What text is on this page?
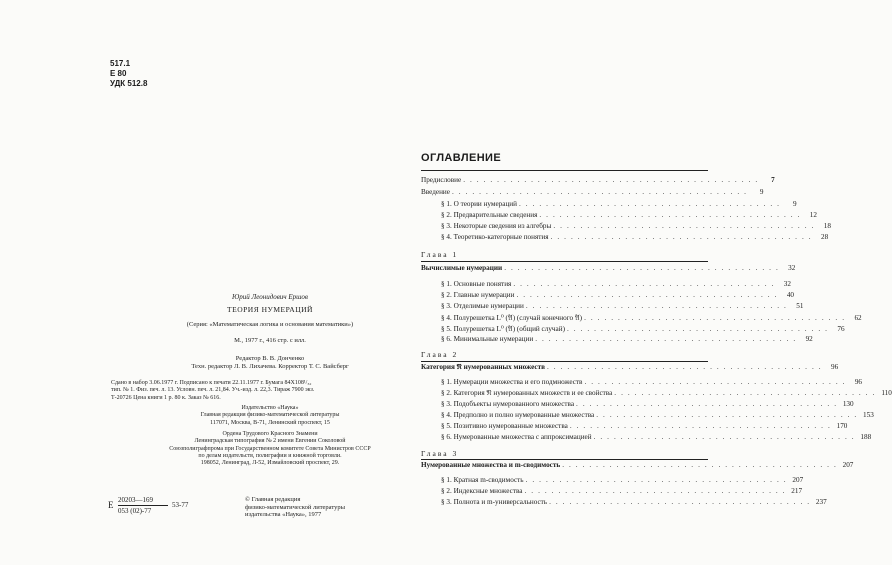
517.1
Е 80
УДК 512.8
Юрий Леонидович Ершов
ТЕОРИЯ НУМЕРАЦИЙ
(Серия: «Математическая логика и основания математики»)
М., 1977 г., 416 стр. с илл.
Редактор В. В. Донченко
Техн. редактор Л. В. Лихачева. Корректор Т. С. Вайсберг
Сдано в набор 3.06.1977 г. Подписано к печати 22.11.1977 г. Бумага 84X108¹/₃₂
тип. № 1. Физ. печ. л. 13. Условн. печ. л. 21,84. Уч.-изд. л. 22,3. Тираж 7900 экз.
Т-20726 Цена книги 1 р. 80 к. Заказ № 616.
Издательство «Наука»
Главная редакция физико-математической литературы
117071, Москва, В-71, Ленинский проспект, 15
Ордена Трудового Красного Знамени
Ленинградская типография № 2 имени Евгении Соколовой
Союзполиграфпрома при Государственном комитете Совета Министров СССР
по делам издательств, полиграфии и книжной торговли.
198052, Ленинград, Л-52, Измайловский проспект, 29.
Е 20203—169
053 (02)-77
53-77
© Главная редакция
физико-математической литературы
издательства «Наука», 1977
ОГЛАВЛЕНИЕ
Предисловие . . . . . . . . . . . . . . . . . . . . . . . . . . . . . . . . . . . . . . . . . . . .	7
Введение . . . . . . . . . . . . . . . . . . . . . . . . . . . . . . . . . . . . . . . . . . . .	9
§ 1. О теории нумераций . . . . . . . . . . . . . . . . . . . . . . . . . . . . . . . . . . . . . . .	9
§ 2. Предварительные сведения . . . . . . . . . . . . . . . . . . . . . . . . . . . . . . . . . . . . . . .	12
§ 3. Некоторые сведения из алгебры . . . . . . . . . . . . . . . . . . . . . . . . . . . . . . . . . . . . . . .	18
§ 4. Теоретико-категорные понятия . . . . . . . . . . . . . . . . . . . . . . . . . . . . . . . . . . . . . . .	28
Глава 1
Вычислимые нумерации . . . . . . . . . . . . . . . . . . . . . . . . . . . . . . . . . . . . . . . . .	32
§ 1. Основные понятия . . . . . . . . . . . . . . . . . . . . . . . . . . . . . . . . . . . . . . .	32
§ 2. Главные нумерации . . . . . . . . . . . . . . . . . . . . . . . . . . . . . . . . . . . . . . .	40
§ 3. Отделимые нумерации . . . . . . . . . . . . . . . . . . . . . . . . . . . . . . . . . . . . . . .	51
§ 4. Полурешетка L⁰ (𝔄) (случай конечного 𝔄) . . . . . . . . . . . . . . . . . . . . . . . . . . . . . . . . . . . . . . .	62
§ 5. Полурешетка L⁰ (𝔄) (общий случай) . . . . . . . . . . . . . . . . . . . . . . . . . . . . . . . . . . . . . . .	76
§ 6. Минимальные нумерации . . . . . . . . . . . . . . . . . . . . . . . . . . . . . . . . . . . . . . .	92
Глава 2
Категория 𝔑 нумерованных множеств . . . . . . . . . . . . . . . . . . . . . . . . . . . . . . . . . . . . . . . . .	96
§ 1. Нумерации множества и его подмножеств . . . . . . . . . . . . . . . . . . . . . . . . . . . . . . . . . . . . . . .	96
§ 2. Категория 𝔑 нумерованных множеств и ее свойства . . . . . . . . . . . . . . . . . . . . . . . . . . . . . . . . . . . . . . . 110
§ 3. Подобъекты нумерованного множества . . . . . . . . . . . . . . . . . . . . . . . . . . . . . . . . . . . . . . . 130
§ 4. Предполно и полно нумерованные множества . . . . . . . . . . . . . . . . . . . . . . . . . . . . . . . . . . . . . . . 153
§ 5. Позитивно нумерованные множества . . . . . . . . . . . . . . . . . . . . . . . . . . . . . . . . . . . . . . . 170
§ 6. Нумерованные множества с аппроксимацией . . . . . . . . . . . . . . . . . . . . . . . . . . . . . . . . . . . . . . . 188
Глава 3
Нумерованные множества и m-сводимость . . . . . . . . . . . . . . . . . . . . . . . . . . . . . . . . . . . . . . . . . 207
§ 1. Кратная m-сводимость . . . . . . . . . . . . . . . . . . . . . . . . . . . . . . . . . . . . . . . 207
§ 2. Индексные множества . . . . . . . . . . . . . . . . . . . . . . . . . . . . . . . . . . . . . . . 217
§ 3. Полнота и m-универсальность . . . . . . . . . . . . . . . . . . . . . . . . . . . . . . . . . . . . . . . 237
